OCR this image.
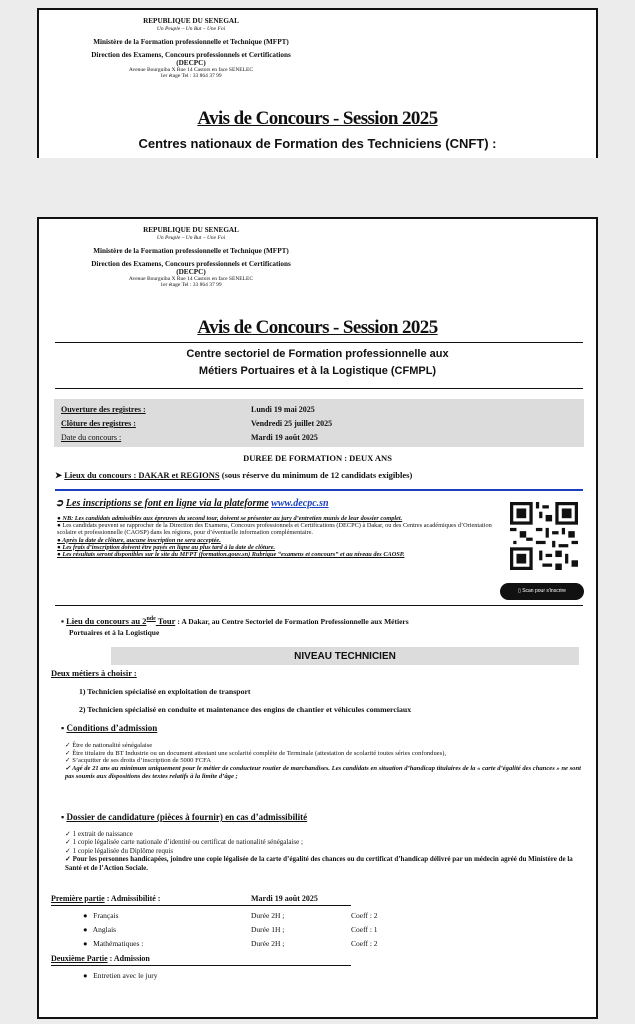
REPUBLIQUE DU SENEGAL
Un Peuple – Un But – Une Foi
Ministère de la Formation professionnelle et Technique (MFPT)
Direction des Examens, Concours professionnels et Certifications (DECPC)
Avenue Bourguiba X Rue 14 Castors en face SENELEC
1er étage Tel : 33 864 37 99
Avis de Concours - Session 2025
Centres nationaux de Formation des Techniciens (CNFT) :
REPUBLIQUE DU SENEGAL
Un Peuple – Un But – Une Foi
Ministère de la Formation professionnelle et Technique (MFPT)
Direction des Examens, Concours professionnels et Certifications (DECPC)
Avenue Bourguiba X Rue 14 Castors en face SENELEC
1er étage Tel : 33 864 37 99
Avis de Concours - Session 2025
Centre sectoriel de Formation professionnelle aux
Métiers Portuaires et à la Logistique (CFMPL)
Ouverture des registres :	Lundi 19 mai 2025
Clôture des registres :	Vendredi 25 juillet 2025
Date du concours :	Mardi 19 août 2025
DUREE DE FORMATION : DEUX ANS
➤ Lieux du concours : DAKAR et REGIONS (sous réserve du minimum de 12 candidats exigibles)
➲ Les inscriptions se font en ligne via la plateforme www.decpc.sn
● NB: Les candidats admissibles aux épreuves du second tour, doivent se présenter au jury d’entretien munis de leur dossier complet.
● Les candidats peuvent se rapprocher de la Direction des Examens, Concours professionnels et Certifications (DECPC) à Dakar, ou des Centres académiques d’Orientation scolaire et professionnelle (CAOSP) dans les régions, pour d’éventuelle information complémentaire.
● Après la date de clôture, aucune inscription ne sera acceptée.
● Les frais d’inscription doivent être payés en ligne au plus tard à la date de clôture.
● Les résultats seront disponibles sur le site du MFPT (formation.gouv.sn) Rubrique “examens et concours” et au niveau des CAOSP.
▯ Scan pour s'inscrire
▪ Lieu du concours au 2nde Tour : A Dakar, au Centre Sectoriel de Formation Professionnelle aux Métiers
Portuaires et à la Logistique
NIVEAU TECHNICIEN
Deux métiers à choisir :
1) Technicien spécialisé en exploitation de transport
2) Technicien spécialisé en conduite et maintenance des engins de chantier et véhicules commerciaux
▪ Conditions d’admission
✓ Être de nationalité sénégalaise
✓ Être titulaire du BT Industrie ou un document attestant une scolarité complète de Terminale (attestation de scolarité toutes séries confondues),
✓ S’acquitter de ses droits d’inscription de 5000 FCFA
✓ Agé de 21 ans au minimum uniquement pour le métier de conducteur routier de marchandises. Les candidats en situation d’handicap titulaires de la « carte d’égalité des chances » ne sont pas soumis aux dispositions des textes relatifs à la limite d’âge ;
▪ Dossier de candidature (pièces à fournir) en cas d’admissibilité
✓ 1 extrait de naissance
✓ 1 copie légalisée carte nationale d’identité ou certificat de nationalité sénégalaise ;
✓ 1 copie légalisée du Diplôme requis
✓ Pour les personnes handicapées, joindre une copie légalisée de la carte d’égalité des chances ou du certificat d’handicap délivré par un médecin agréé du Ministère de la Santé et de l’Action Sociale.
Première partie : Admissibilité :	Mardi 19 août 2025
●   Français	Durée 2H ;	Coeff : 2
●   Anglais	Durée 1H ;	Coeff : 1
●   Mathématiques :	Durée 2H ;	Coeff : 2
Deuxième Partie : Admission
●   Entretien avec le jury
